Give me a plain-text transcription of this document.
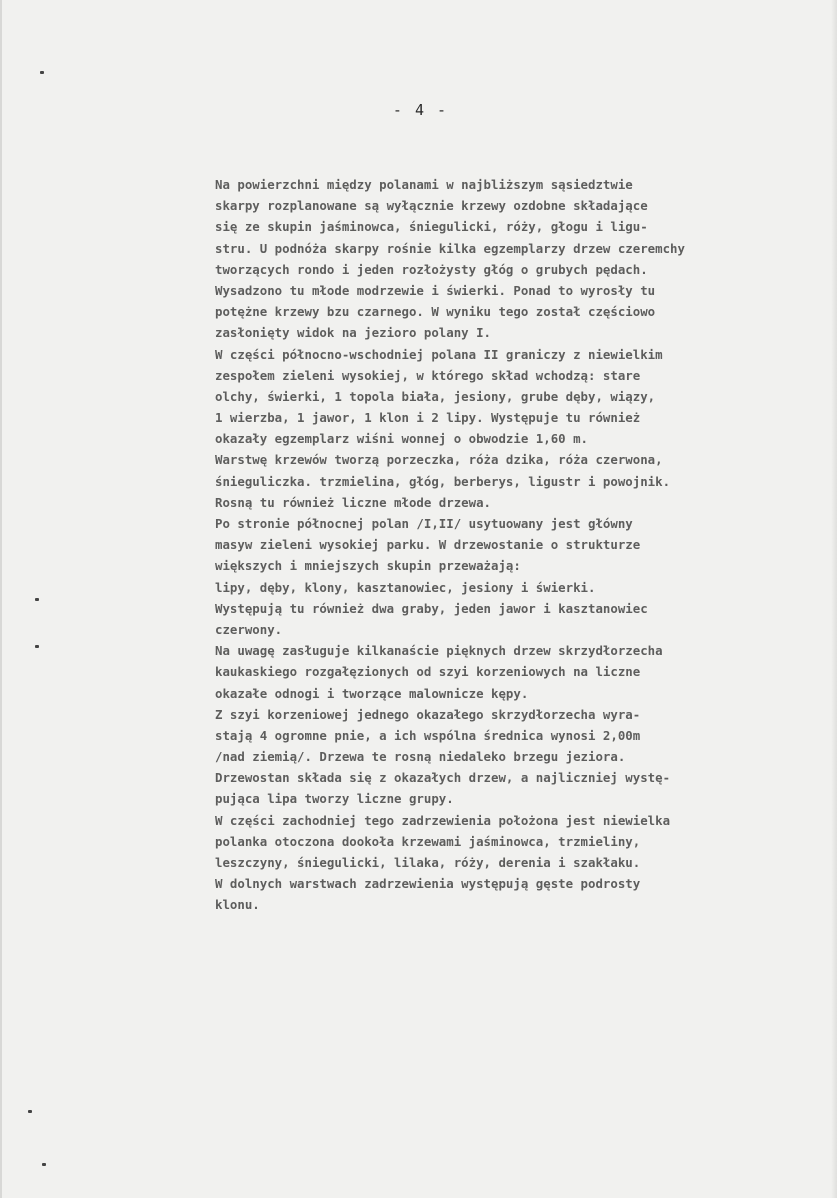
- 4 -
Na powierzchni między polanami w najbliższym sąsiedztwie
skarpy rozplanowane są wyłącznie krzewy ozdobne składające
się ze skupin jaśminowca, śniegulicki, róży, głogu i ligu-
stru. U podnóża skarpy rośnie kilka egzemplarzy drzew czeremchy
tworzących rondo i jeden rozłożysty głóg o grubych pędach.
Wysadzono tu młode modrzewie i świerki. Ponad to wyrosły tu
potężne krzewy bzu czarnego. W wyniku tego został częściowo
zasłonięty widok na jezioro polany I.
W części północno-wschodniej polana II graniczy z niewielkim
zespołem zieleni wysokiej, w którego skład wchodzą: stare
olchy, świerki, 1 topola biała, jesiony, grube dęby, wiązy,
1 wierzba, 1 jawor, 1 klon i 2 lipy. Występuje tu również
okazały egzemplarz wiśni wonnej o obwodzie 1,60 m.
Warstwę krzewów tworzą porzeczka, róża dzika, róża czerwona,
śnieguliczka. trzmielina, głóg, berberys, ligustr i powojnik.
Rosną tu również liczne młode drzewa.
Po stronie północnej polan /I,II/ usytuowany jest główny
masyw zieleni wysokiej parku. W drzewostanie o strukturze
większych i mniejszych skupin przeważają:
lipy, dęby, klony, kasztanowiec, jesiony i świerki.
Występują tu również dwa graby, jeden jawor i kasztanowiec
czerwony.
Na uwagę zasługuje kilkanaście pięknych drzew skrzydłorzecha
kaukaskiego rozgałęzionych od szyi korzeniowych na liczne
okazałe odnogi i tworzące malownicze kępy.
Z szyi korzeniowej jednego okazałego skrzydłorzecha wyra-
stają 4 ogromne pnie, a ich wspólna średnica wynosi 2,00m
/nad ziemią/. Drzewa te rosną niedaleko brzegu jeziora.
Drzewostan składa się z okazałych drzew, a najliczniej wystę-
pująca lipa tworzy liczne grupy.
W części zachodniej tego zadrzewienia położona jest niewielka
polanka otoczona dookoła krzewami jaśminowca, trzmieliny,
leszczyny, śniegulicki, lilaka, róży, derenia i szakłaku.
W dolnych warstwach zadrzewienia występują gęste podrosty
klonu.
